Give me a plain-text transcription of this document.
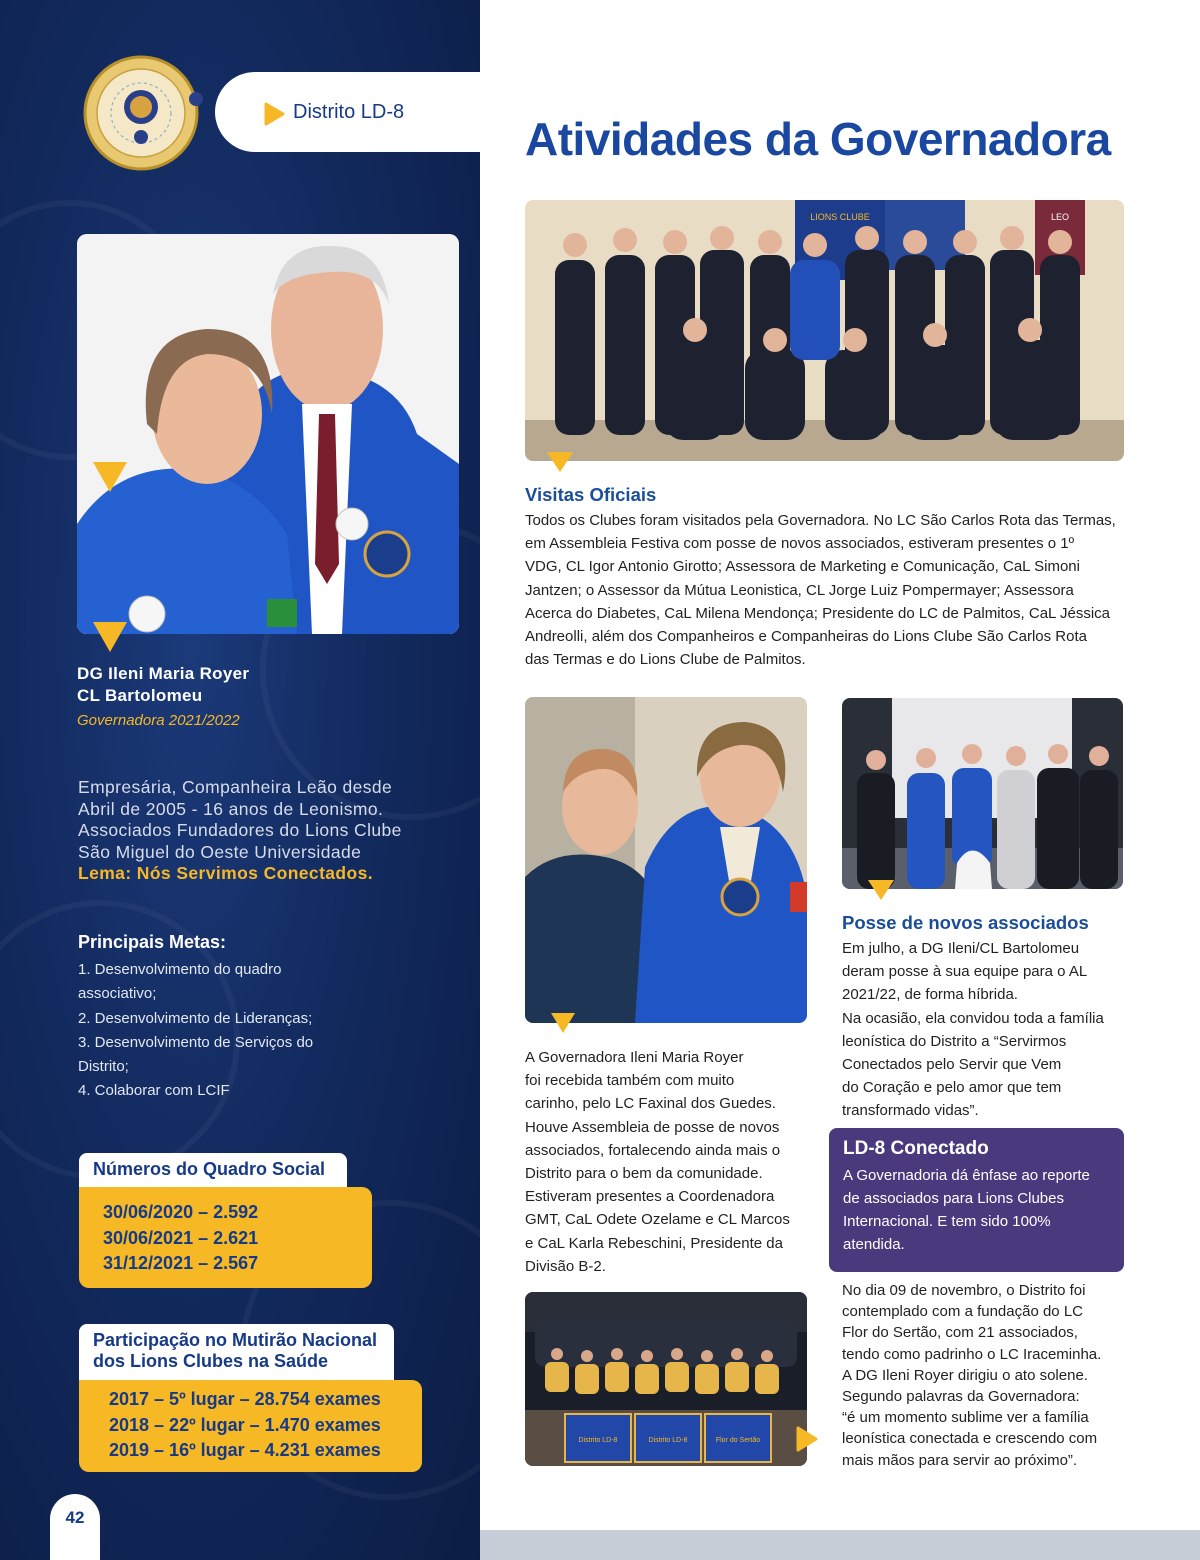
Distrito LD-8
DG Ileni Maria Royer
CL Bartolomeu
Governadora 2021/2022
Empresária, Companheira Leão desde
Abril de 2005 - 16 anos de Leonismo.
Associados Fundadores do Lions Clube
São Miguel do Oeste Universidade
Lema: Nós Servimos Conectados.
Principais Metas:
1. Desenvolvimento do quadro
associativo;
2. Desenvolvimento de Lideranças;
3. Desenvolvimento de Serviços do
Distrito;
4. Colaborar com LCIF
Números do Quadro Social
30/06/2020 – 2.592
30/06/2021 – 2.621
31/12/2021 – 2.567
Participação no Mutirão Nacional
dos Lions Clubes na Saúde
2017 – 5º lugar – 28.754 exames
2018 – 22º lugar – 1.470 exames
2019 – 16º lugar – 4.231 exames
42
Atividades da Governadora
LIONS CLUBE	LEO
Visitas Oficiais
Todos os Clubes foram visitados pela Governadora. No LC São Carlos Rota das Termas,
em Assembleia Festiva com posse de novos associados, estiveram presentes o 1º
VDG, CL Igor Antonio Girotto; Assessora de Marketing e Comunicação, CaL Simoni
Jantzen; o Assessor da Mútua Leonistica, CL Jorge Luiz Pompermayer; Assessora
Acerca do Diabetes, CaL Milena Mendonça; Presidente do LC de Palmitos, CaL Jéssica
Andreolli, além dos Companheiros e Companheiras do Lions Clube São Carlos Rota
das Termas e do Lions Clube de Palmitos.
A Governadora Ileni Maria Royer
foi recebida também com muito
carinho, pelo LC Faxinal dos Guedes.
Houve Assembleia de posse de novos
associados, fortalecendo ainda mais o
Distrito para o bem da comunidade.
Estiveram presentes a Coordenadora
GMT, CaL Odete Ozelame e CL Marcos
e CaL Karla Rebeschini, Presidente da
Divisão B-2.
Distrito LD-8	Distrito LD-8	Flor do Sertão
Posse de novos associados
Em julho, a DG Ileni/CL Bartolomeu
deram posse à sua equipe para o AL
2021/22, de forma híbrida.
Na ocasião, ela convidou toda a família
leonística do Distrito a “Servirmos
Conectados pelo Servir que Vem
do Coração e pelo amor que tem
transformado vidas”.
LD-8 Conectado
A Governadoria dá ênfase ao reporte
de associados para Lions Clubes
Internacional. E tem sido 100%
atendida.
No dia 09 de novembro, o Distrito foi
contemplado com a fundação do LC
Flor do Sertão, com 21 associados,
tendo como padrinho o LC Iraceminha.
A DG Ileni Royer dirigiu o ato solene.
Segundo palavras da Governadora:
“é um momento sublime ver a família
leonística conectada e crescendo com
mais mãos para servir ao próximo”.
